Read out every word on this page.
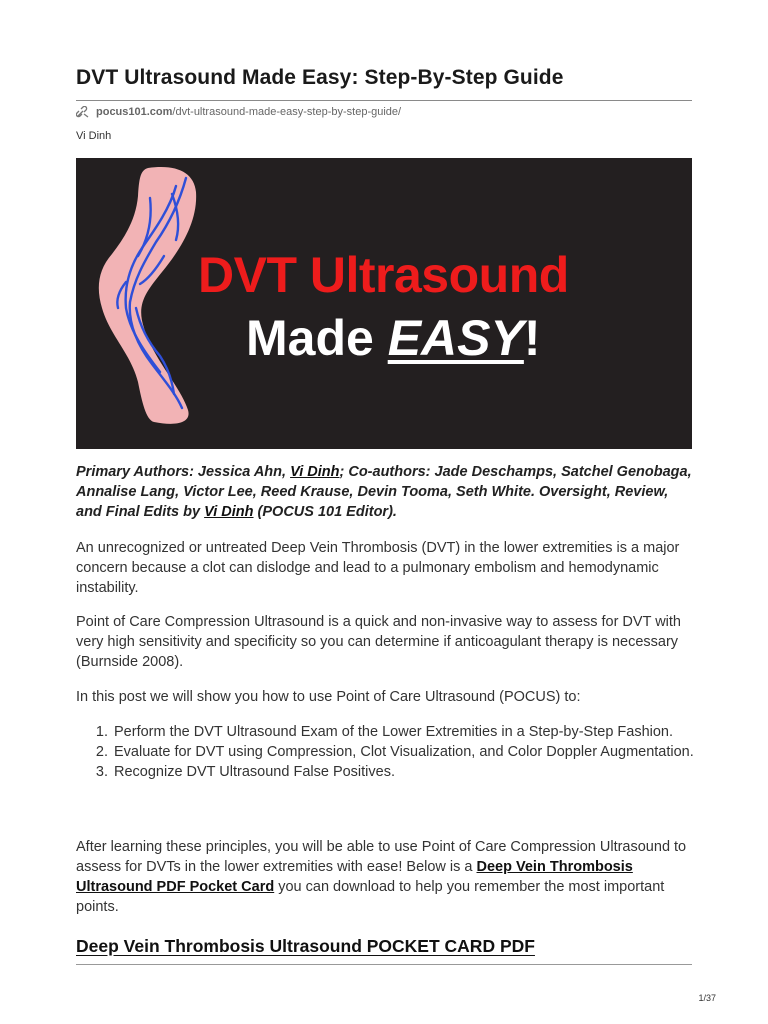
DVT Ultrasound Made Easy: Step-By-Step Guide
pocus101.com /dvt-ultrasound-made-easy-step-by-step-guide/
Vi Dinh
DVT Ultrasound
Made EASY!

Primary Authors: Jessica Ahn, Vi Dinh; Co-authors: Jade Deschamps, Satchel Genobaga, Annalise Lang, Victor Lee, Reed Krause, Devin Tooma, Seth White. Oversight, Review, and Final Edits by Vi Dinh (POCUS 101 Editor).

An unrecognized or untreated Deep Vein Thrombosis (DVT) in the lower extremities is a major concern because a clot can dislodge and lead to a pulmonary embolism and hemodynamic instability.

Point of Care Compression Ultrasound is a quick and non-invasive way to assess for DVT with very high sensitivity and specificity so you can determine if anticoagulant therapy is necessary (Burnside 2008).

In this post we will show you how to use Point of Care Ultrasound (POCUS) to:

1. Perform the DVT Ultrasound Exam of the Lower Extremities in a Step-by-Step Fashion.
2. Evaluate for DVT using Compression, Clot Visualization, and Color Doppler Augmentation.
3. Recognize DVT Ultrasound False Positives.

After learning these principles, you will be able to use Point of Care Compression Ultrasound to assess for DVTs in the lower extremities with ease! Below is a Deep Vein Thrombosis Ultrasound PDF Pocket Card you can download to help you remember the most important points.

Deep Vein Thrombosis Ultrasound POCKET CARD PDF
1/37
